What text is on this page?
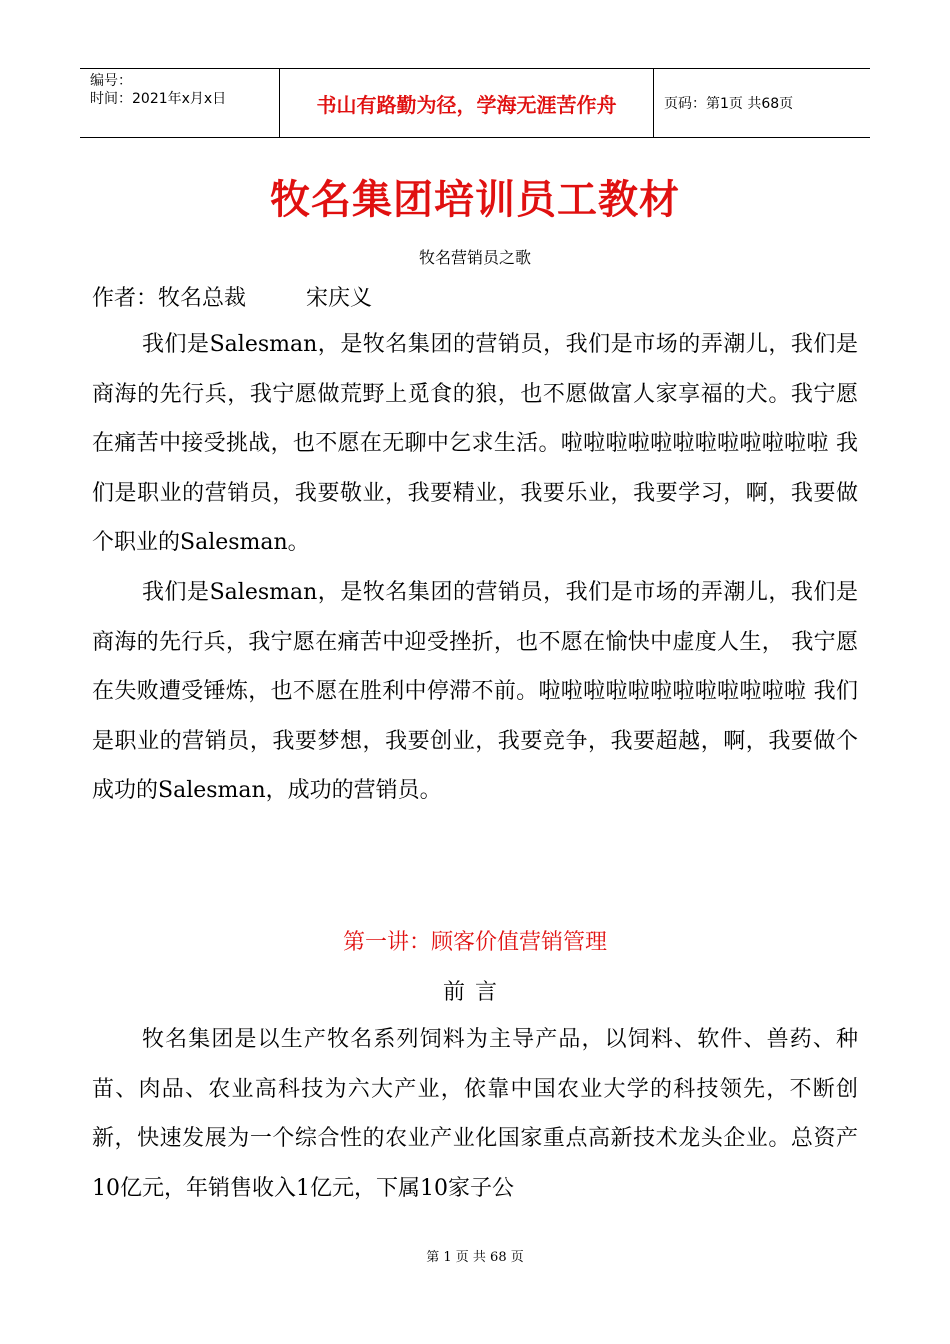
编号：
时间：2021年x月x日	书山有路勤为径，学海无涯苦作舟	页码：第1页 共68页
牧名集团培训员工教材
牧名营销员之歌
作者：牧名总裁	宋庆义

我们是Salesman，是牧名集团的营销员，我们是市场的弄潮儿，我们是商海的先行兵，我宁愿做荒野上觅食的狼，也不愿做富人家享福的犬。我宁愿在痛苦中接受挑战，也不愿在无聊中乞求生活。啦啦啦啦啦啦啦啦啦啦啦啦 我们是职业的营销员，我要敬业，我要精业，我要乐业，我要学习，啊，我要做个职业的Salesman。

我们是Salesman，是牧名集团的营销员，我们是市场的弄潮儿，我们是商海的先行兵，我宁愿在痛苦中迎受挫折，也不愿在愉快中虚度人生， 我宁愿在失败遭受锤炼，也不愿在胜利中停滞不前。啦啦啦啦啦啦啦啦啦啦啦啦 我们是职业的营销员，我要梦想，我要创业，我要竞争，我要超越，啊，我要做个成功的Salesman，成功的营销员。

第一讲：顾客价值营销管理
前言

牧名集团是以生产牧名系列饲料为主导产品，以饲料、软件、兽药、种苗、肉品、农业高科技为六大产业，依靠中国农业大学的科技领先，不断创新，快速发展为一个综合性的农业产业化国家重点高新技术龙头企业。总资产10亿元，年销售收入1亿元，下属10家子公

第 1 页 共 68 页
